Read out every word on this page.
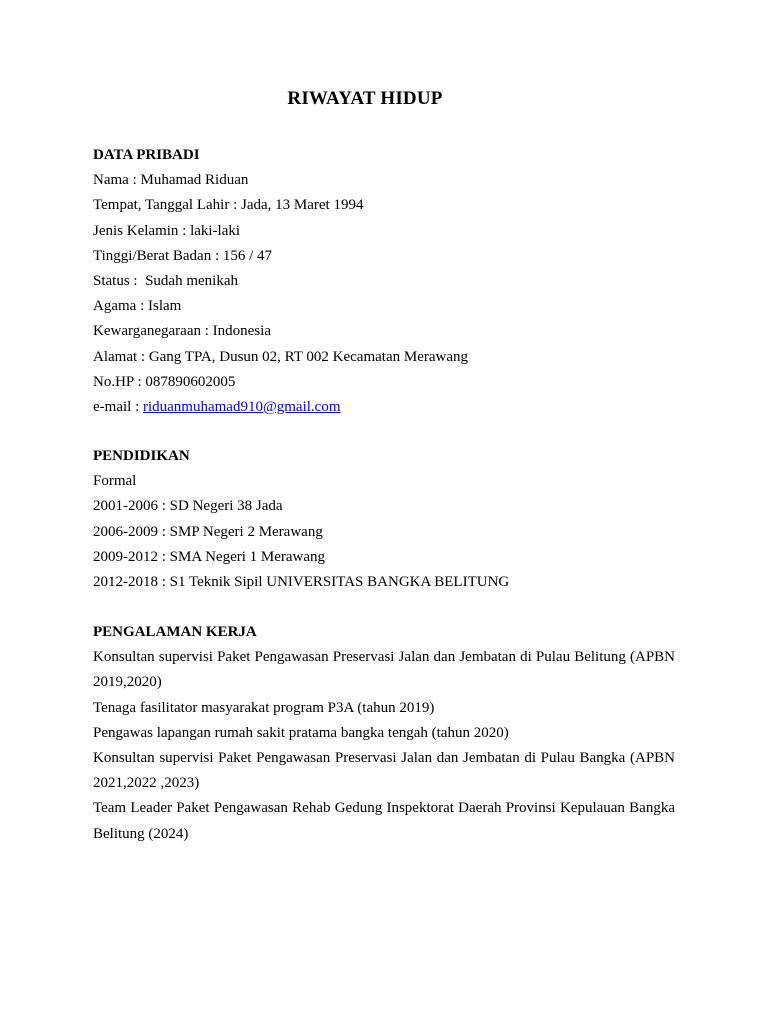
RIWAYAT HIDUP
DATA PRIBADI
Nama : Muhamad Riduan
Tempat, Tanggal Lahir : Jada, 13 Maret 1994
Jenis Kelamin : laki-laki
Tinggi/Berat Badan : 156 / 47
Status :  Sudah menikah
Agama : Islam
Kewarganegaraan : Indonesia
Alamat : Gang TPA, Dusun 02, RT 002 Kecamatan Merawang
No.HP : 087890602005
e-mail : riduanmuhamad910@gmail.com
PENDIDIKAN
Formal
2001-2006 : SD Negeri 38 Jada
2006-2009 : SMP Negeri 2 Merawang
2009-2012 : SMA Negeri 1 Merawang
2012-2018 : S1 Teknik Sipil UNIVERSITAS BANGKA BELITUNG
PENGALAMAN KERJA
Konsultan supervisi Paket Pengawasan Preservasi Jalan dan Jembatan di Pulau Belitung (APBN 2019,2020)
Tenaga fasilitator masyarakat program P3A (tahun 2019)
Pengawas lapangan rumah sakit pratama bangka tengah (tahun 2020)
Konsultan supervisi Paket Pengawasan Preservasi Jalan dan Jembatan di Pulau Bangka (APBN 2021,2022 ,2023)
Team Leader Paket Pengawasan Rehab Gedung Inspektorat Daerah Provinsi Kepulauan Bangka Belitung (2024)
